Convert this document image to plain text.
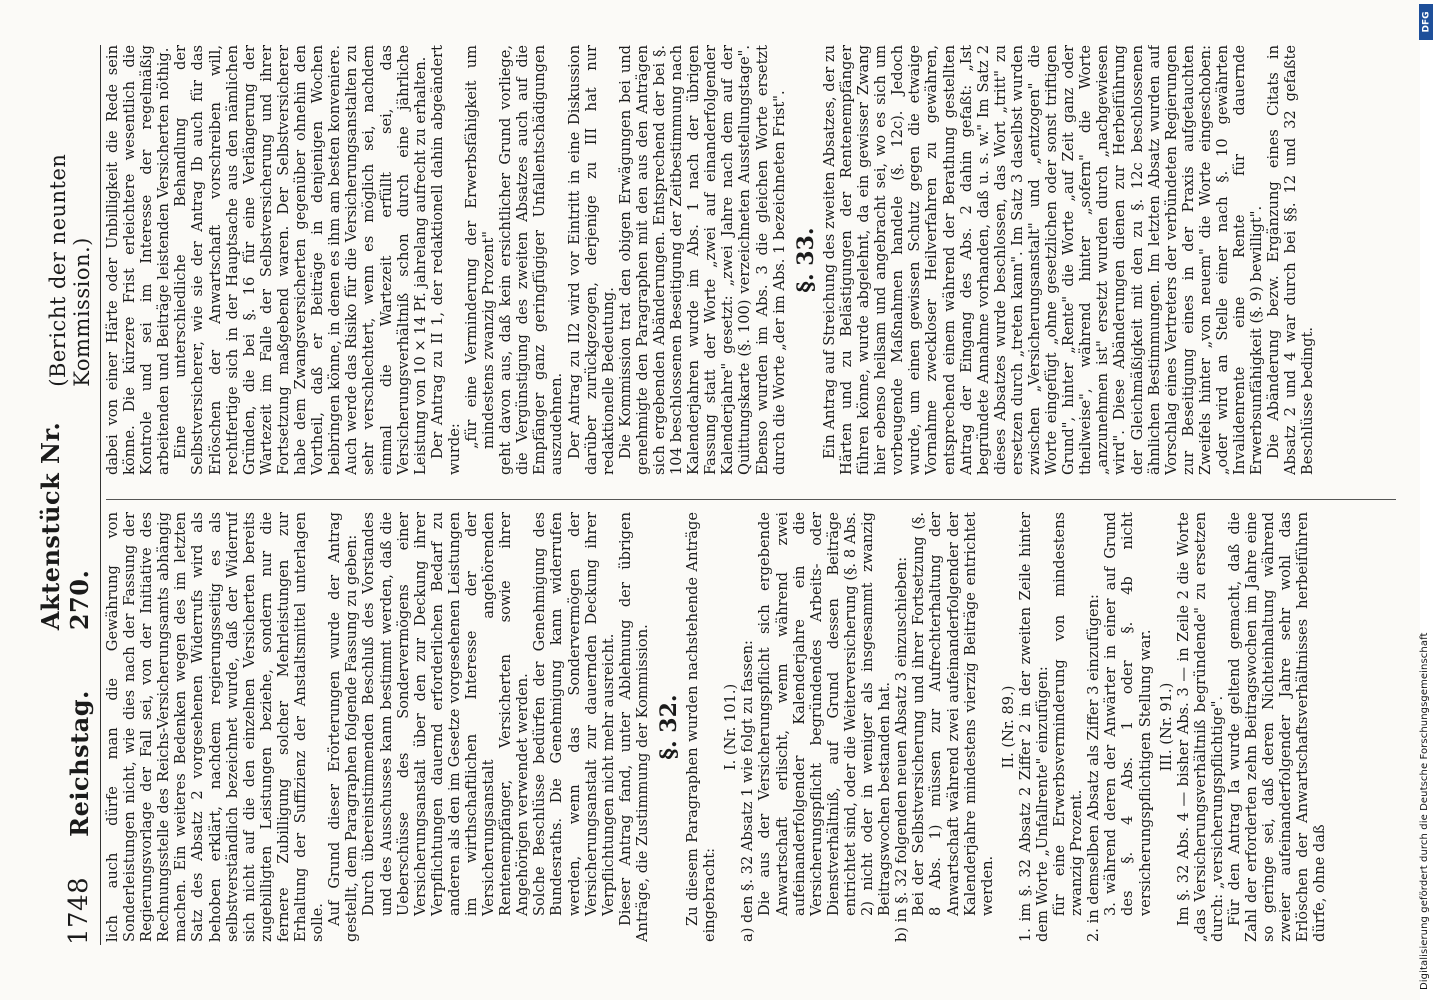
1748
Reichstag.
Aktenstück Nr. 270.
(Bericht der neunten Kommission.)

lich auch dürfe man die Gewährung von Sonderleistungen nicht, wie dies nach der Fassung der Regierungsvorlage der Fall sei, von der Initiative des Rechnungsstelle des Reichs-Versicherungsamts abhängig machen. Ein weiteres Bedenken wegen des im letzten Satz des Absatz 2 vorgesehenen Widerrufs wird als behoben erklärt, nachdem regierungsseitig es als selbstverständlich bezeichnet wurde, daß der Widerruf sich nicht auf die den einzelnen Versicherten bereits zugebilligten Leistungen beziehe, sondern nur die fernere Zubilligung solcher Mehrleistungen zur Erhaltung der Suffizienz der Anstaltsmittel unterlagen solle. Auf Grund dieser Erörterungen wurde der Antrag gestellt, dem Paragraphen folgende Fassung zu geben: Durch übereinstimmenden Beschluß des Vorstandes und des Ausschusses kann bestimmt werden, daß die Ueberschüsse des Sondervermögens einer Versicherungsanstalt über den zur Deckung ihrer Verpflichtungen dauernd erforderlichen Bedarf zu anderen als den im Gesetze vorgesehenen Leistungen im wirthschaftlichen Interesse der der Versicherungsanstalt angehörenden Rentenempfänger, Versicherten sowie ihrer Angehörigen verwendet werden. Solche Beschlüsse bedürfen der Genehmigung des Bundesraths. Die Genehmigung kann widerrufen werden, wenn das Sondervermögen der Versicherungsanstalt zur dauernden Deckung ihrer Verpflichtungen nicht mehr ausreicht. Dieser Antrag fand, unter Ablehnung der übrigen Anträge, die Zustimmung der Kommission. §. 32. Zu diesem Paragraphen wurden nachstehende Anträge eingebracht:

I. (Nr. 101.) a) den §. 32 Absatz 1 wie folgt zu fassen: Die aus der Versicherungspflicht sich ergebende Anwartschaft erlischt, wenn während zwei aufeinanderfolgender Kalenderjahre ein die Versicherungspflicht begründendes Arbeits- oder Dienstverhältniß, auf Grund dessen Beiträge entrichtet sind, oder die Weiterversicherung (§. 8 Abs. 2) nicht oder in weniger als insgesammt zwanzig Beitragswochen bestanden hat. b) in §. 32 folgenden neuen Absatz 3 einzuschieben: Bei der Selbstversicherung und ihrer Fortsetzung (§. 8 Abs. 1) müssen zur Aufrechterhaltung der Anwartschaft während zwei aufeinanderfolgender der Kalenderjahre mindestens vierzig Beiträge entrichtet werden.

II. (Nr. 89.) 1. im §. 32 Absatz 2 Ziffer 2 in der zweiten Zeile hinter dem Worte „Unfallrente" einzufügen: für eine Erwerbsverminderung von mindestens zwanzig Prozent. 2. in demselben Absatz als Ziffer 3 einzufügen: 3. während deren der Anwärter in einer auf Grund des §. 4 Abs. 1 oder §. 4b nicht versicherungspflichtigen Stellung war. III. (Nr. 91.) Im §. 32 Abs. 4 — bisher Abs. 3 — in Zeile 2 die Worte „das Versicherungsverhältniß begründende" zu ersetzen durch: „versicherungspflichtige". Für den Antrag Ia wurde geltend gemacht, daß die Zahl der erforderten zehn Beitragswochen im Jahre eine so geringe sei, daß deren Nichteinhaltung während zweier aufeinanderfolgender Jahre sehr wohl das Erlöschen der Anwartschaftsverhältnisses herbeiführen dürfe, ohne daß

dabei von einer Härte oder Unbilligkeit die Rede sein könne. Die kürzere Frist erleichtere wesentlich die Kontrole und sei im Interesse der regelmäßig arbeitenden und Beiträge leistenden Versicherten nöthig. Eine unterschiedliche Behandlung der Selbstversicherer, wie sie der Antrag Ib auch für das Erlöschen der Anwartschaft vorschreiben will, rechtfertige sich in der Hauptsache aus den nämlichen Gründen, die bei §. 16 für eine Verlängerung der Wartezeit im Falle der Selbstversicherung und ihrer Fortsetzung maßgebend waren. Der Selbstversicherer habe dem Zwangsversicherten gegenüber ohnehin den Vortheil, daß er Beiträge in denjenigen Wochen beibringen könne, in denen es ihm am besten konveniere. Auch werde das Risiko für die Versicherungsanstalten zu sehr verschlechtert, wenn es möglich sei, nachdem einmal die Wartezeit erfüllt sei, das Versicherungsverhältniß schon durch eine jährliche Leistung von 10 × 14 Pf. jahrelang aufrecht zu erhalten. Der Antrag zu II 1, der redaktionell dahin abgeändert wurde:

„für eine Verminderung der Erwerbsfähigkeit um mindestens zwanzig Prozent" geht davon aus, daß kein ersichtlicher Grund vorliege, die Vergünstigung des zweiten Absatzes auch auf die Empfänger ganz geringfügiger Unfallentschädigungen auszudehnen. Der Antrag zu II2 wird vor Eintritt in eine Diskussion darüber zurückgezogen, derjenige zu III hat nur redaktionelle Bedeutung. Die Kommission trat den obigen Erwägungen bei und genehmigte den Paragraphen mit den aus den Anträgen sich ergebenden Abänderungen. Entsprechend der bei §. 104 beschlossenen Beseitigung der Zeitbestimmung nach Kalenderjahren wurde im Abs. 1 nach der übrigen Fassung statt der Worte „zwei auf einanderfolgender Kalenderjahre" gesetzt: „zwei Jahre nach dem auf der Quittungskarte (§. 100) verzeichneten Ausstellungstage". Ebenso wurden im Abs. 3 die gleichen Worte ersetzt durch die Worte „der im Abs. 1 bezeichneten Frist". §. 33. Ein Antrag auf Streichung des zweiten Absatzes, der zu Härten und zu Belästigungen der Rentenempfänger führen könne, wurde abgelehnt, da ein gewisser Zwang hier ebenso heilsam und angebracht sei, wo es sich um vorbeugende Maßnahmen handele (§. 12c). Jedoch wurde, um einen gewissen Schutz gegen die etwaige Vornahme zweckloser Heilverfahren zu gewähren, entsprechend einem während der Berathung gestellten Antrag der Eingang des Abs. 2 dahin gefaßt: „Ist begründete Annahme vorhanden, daß u. s. w." Im Satz 2 dieses Absatzes wurde beschlossen, das Wort „tritt" zu ersetzen durch „treten kann". Im Satz 3 daselbst wurden zwischen „Versicherungsanstalt" und „entzogen" die Worte eingefügt „ohne gesetzlichen oder sonst triftigen Grund", hinter „Rente" die Worte „auf Zeit ganz oder theilweise", während hinter „sofern" die Worte „anzunehmen ist" ersetzt wurden durch „nachgewiesen wird". Diese Abänderungen dienen zur Herbeiführung der Gleichmäßigkeit mit den zu §. 12c beschlossenen ähnlichen Bestimmungen. Im letzten Absatz wurden auf Vorschlag eines Vertreters der verbündeten Regierungen zur Beseitigung eines in der Praxis aufgetauchten Zweifels hinter „von neuem" die Worte eingeschoben: „oder wird an Stelle einer nach §. 10 gewährten Invalidenrente eine Rente für dauernde Erwerbsunfähigkeit (§. 9) bewilligt". Die Abänderung bezw. Ergänzung eines Citats in Absatz 2 und 4 war durch bei §§. 12 und 32 gefaßte Beschlüsse bedingt.

DFG
Digitalisierung gefördert durch die Deutsche Forschungsgemeinschaft
